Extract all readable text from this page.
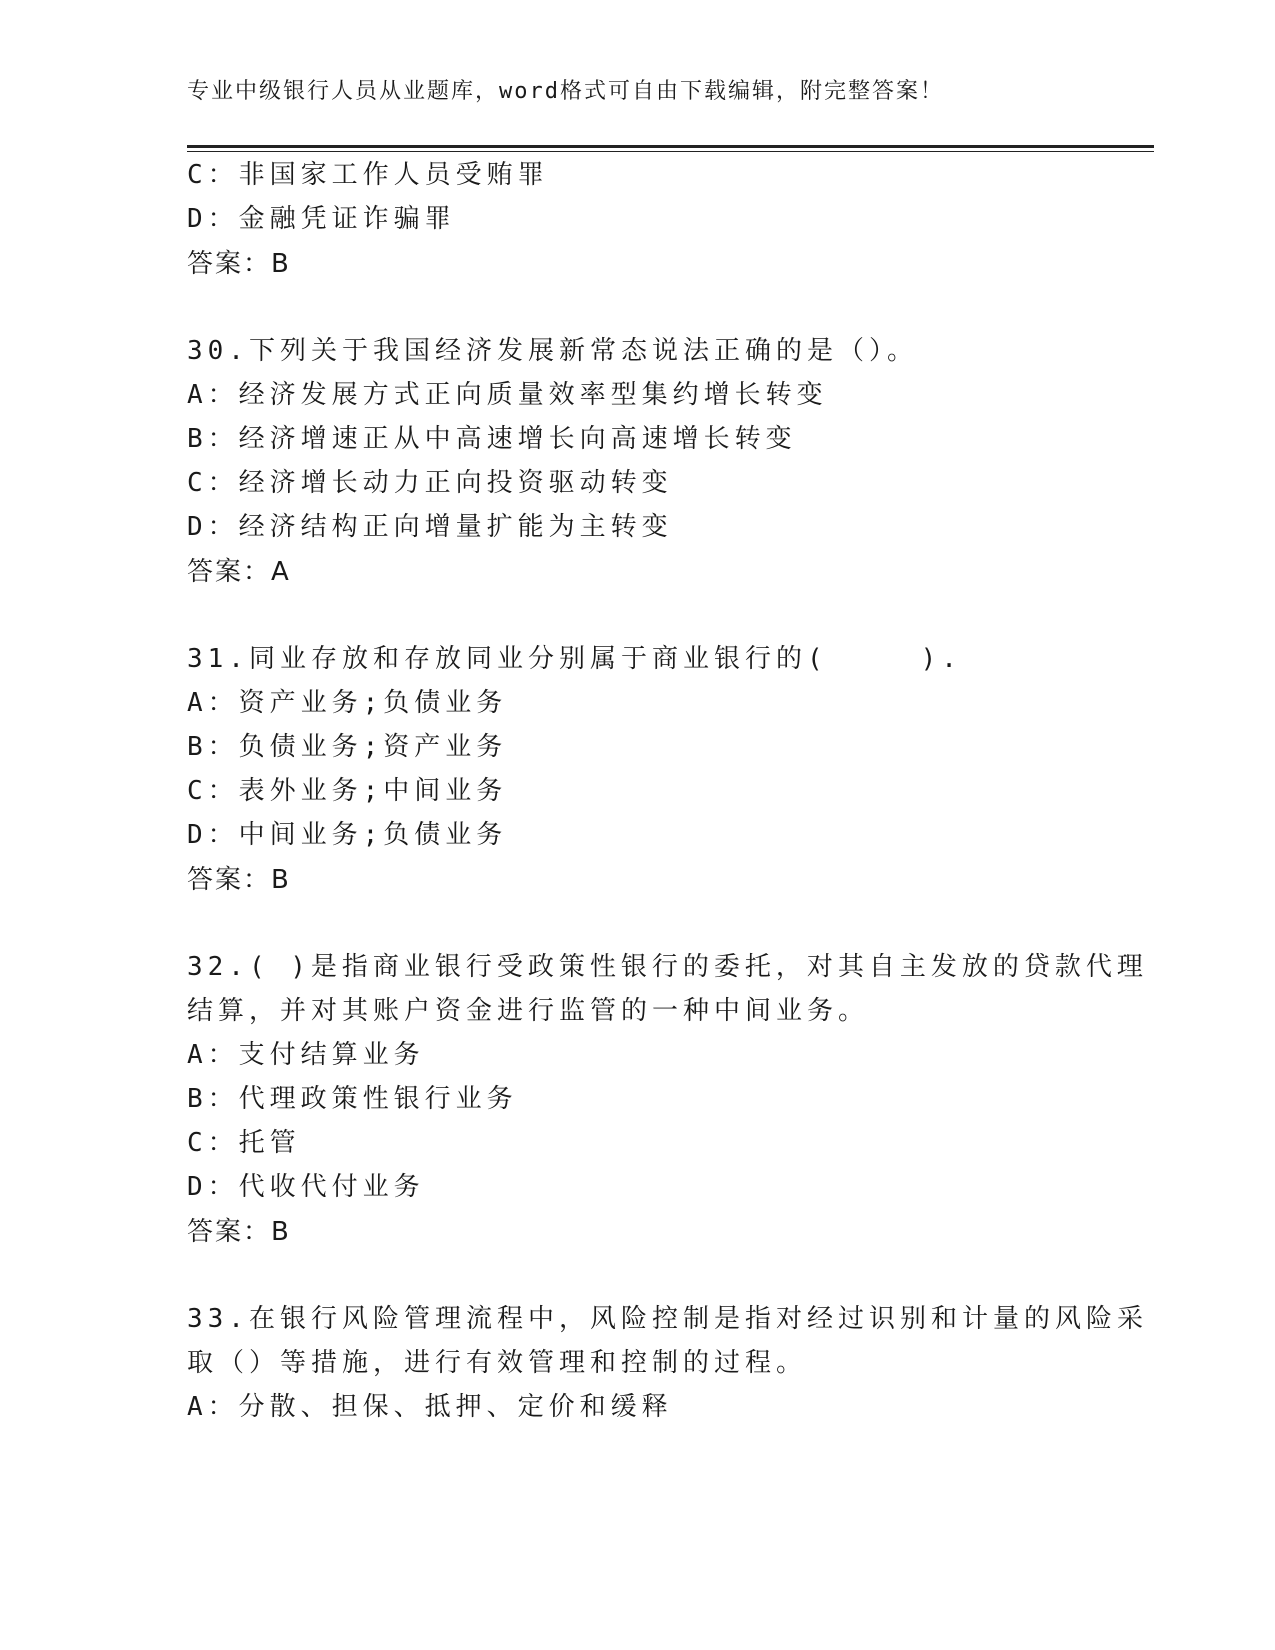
专业中级银行人员从业题库，word格式可自由下载编辑，附完整答案！
C：非国家工作人员受贿罪
D：金融凭证诈骗罪
答案：B
30.下列关于我国经济发展新常态说法正确的是（）。
A：经济发展方式正向质量效率型集约增长转变
B：经济增速正从中高速增长向高速增长转变
C：经济增长动力正向投资驱动转变
D：经济结构正向增量扩能为主转变
答案：A
31.同业存放和存放同业分别属于商业银行的(　　　).
A：资产业务;负债业务
B：负债业务;资产业务
C：表外业务;中间业务
D：中间业务;负债业务
答案：B
32.( )是指商业银行受政策性银行的委托，对其自主发放的贷款代理
结算，并对其账户资金进行监管的一种中间业务。
A：支付结算业务
B：代理政策性银行业务
C：托管
D：代收代付业务
答案：B
33.在银行风险管理流程中，风险控制是指对经过识别和计量的风险采
取（）等措施，进行有效管理和控制的过程。
A：分散、担保、抵押、定价和缓释
